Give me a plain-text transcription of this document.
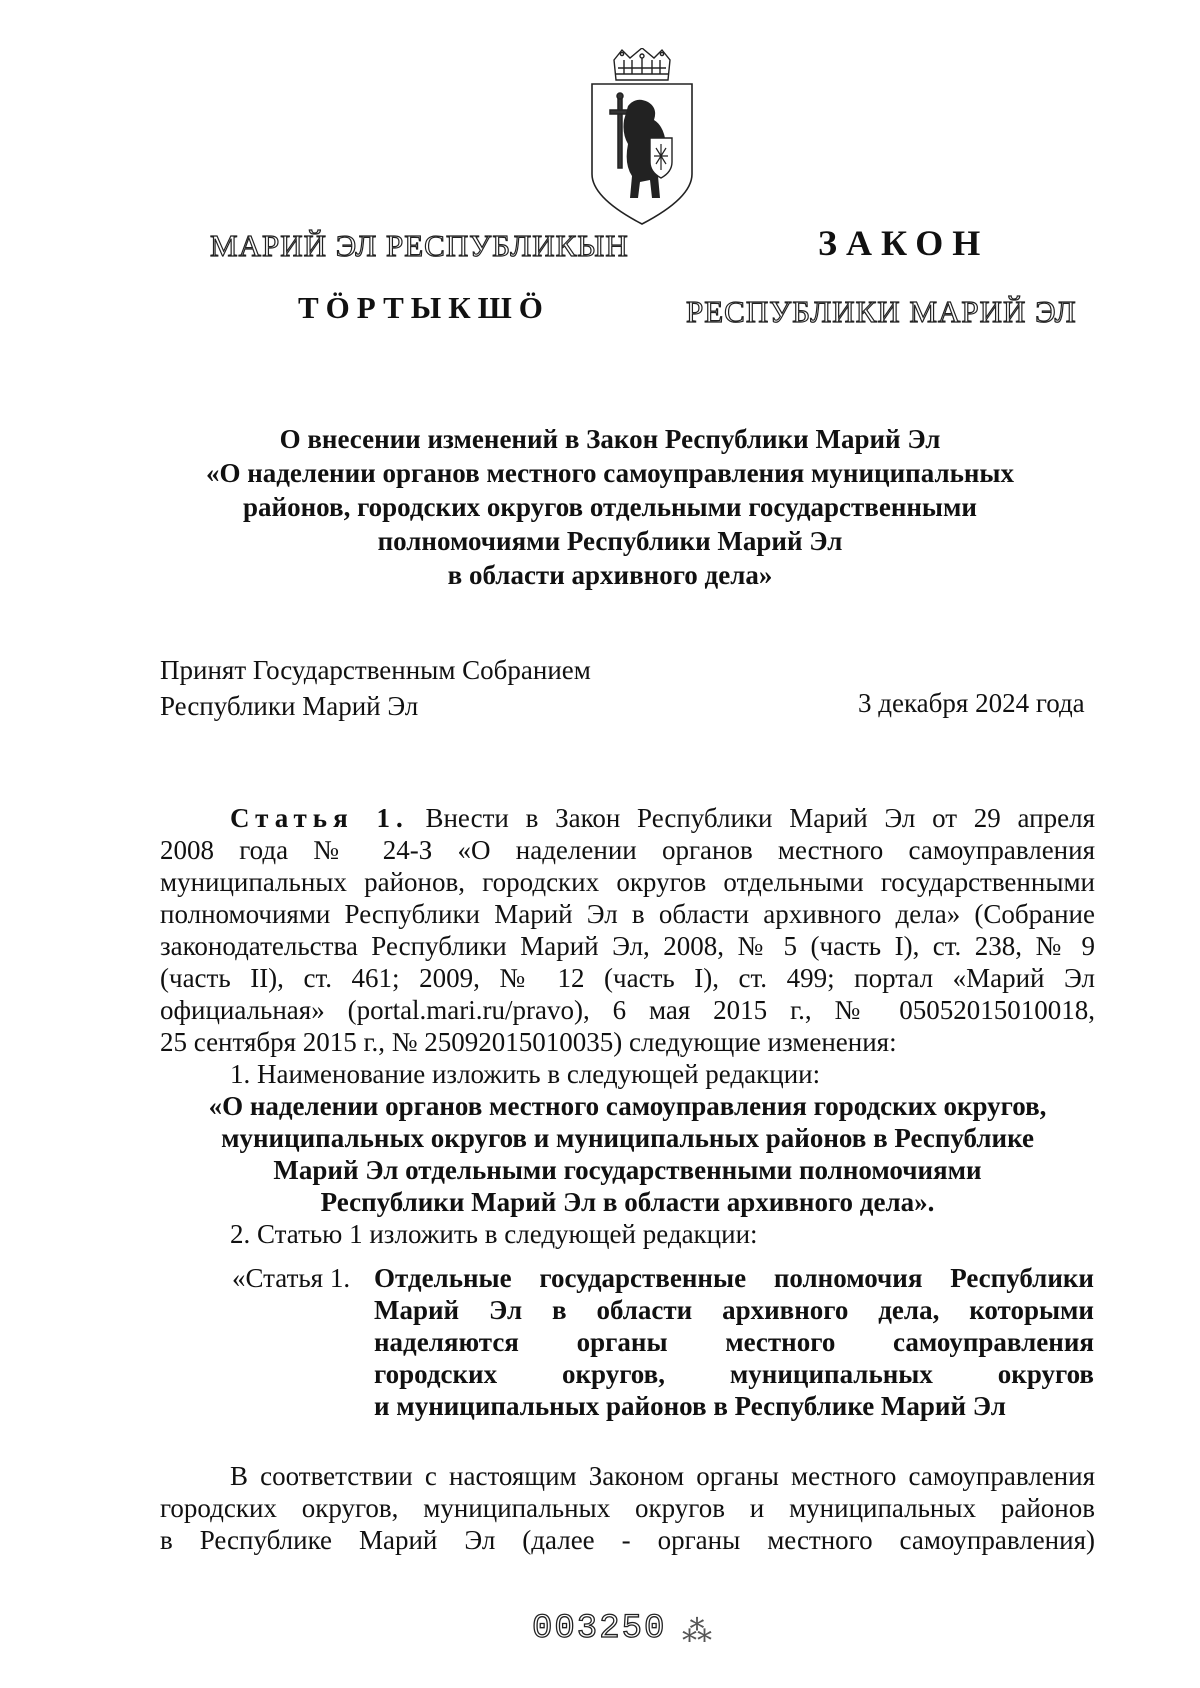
МАРИЙ ЭЛ РЕСПУБЛИКЫН	ЗАКОН
ТӦРТЫКШӦ	РЕСПУБЛИКИ МАРИЙ ЭЛ
О внесении изменений в Закон Республики Марий Эл
«О наделении органов местного самоуправления муниципальных
районов, городских округов отдельными государственными
полномочиями Республики Марий Эл
в области архивного дела»
Принят Государственным Собранием
Республики Марий Эл	3 декабря 2024 года
Статья 1. Внести в Закон Республики Марий Эл от 29 апреля
2008 года № 24-З «О наделении органов местного самоуправления
муниципальных районов, городских округов отдельными государственными
полномочиями Республики Марий Эл в области архивного дела» (Собрание
законодательства Республики Марий Эл, 2008, № 5 (часть I), ст. 238, № 9
(часть II), ст. 461; 2009, № 12 (часть I), ст. 499; портал «Марий Эл
официальная» (portal.mari.ru/pravo), 6 мая 2015 г., № 05052015010018,
25 сентября 2015 г., № 25092015010035) следующие изменения:
1. Наименование изложить в следующей редакции:
«О наделении органов местного самоуправления городских округов,
муниципальных округов и муниципальных районов в Республике
Марий Эл отдельными государственными полномочиями
Республики Марий Эл в области архивного дела».
2. Статью 1 изложить в следующей редакции:
«Статья 1. Отдельные государственные полномочия Республики
Марий Эл в области архивного дела, которыми
наделяются органы местного самоуправления
городских округов, муниципальных округов
и муниципальных районов в Республике Марий Эл
В соответствии с настоящим Законом органы местного самоуправления
городских округов, муниципальных округов и муниципальных районов
в Республике Марий Эл (далее - органы местного самоуправления)
003250 ⁂
